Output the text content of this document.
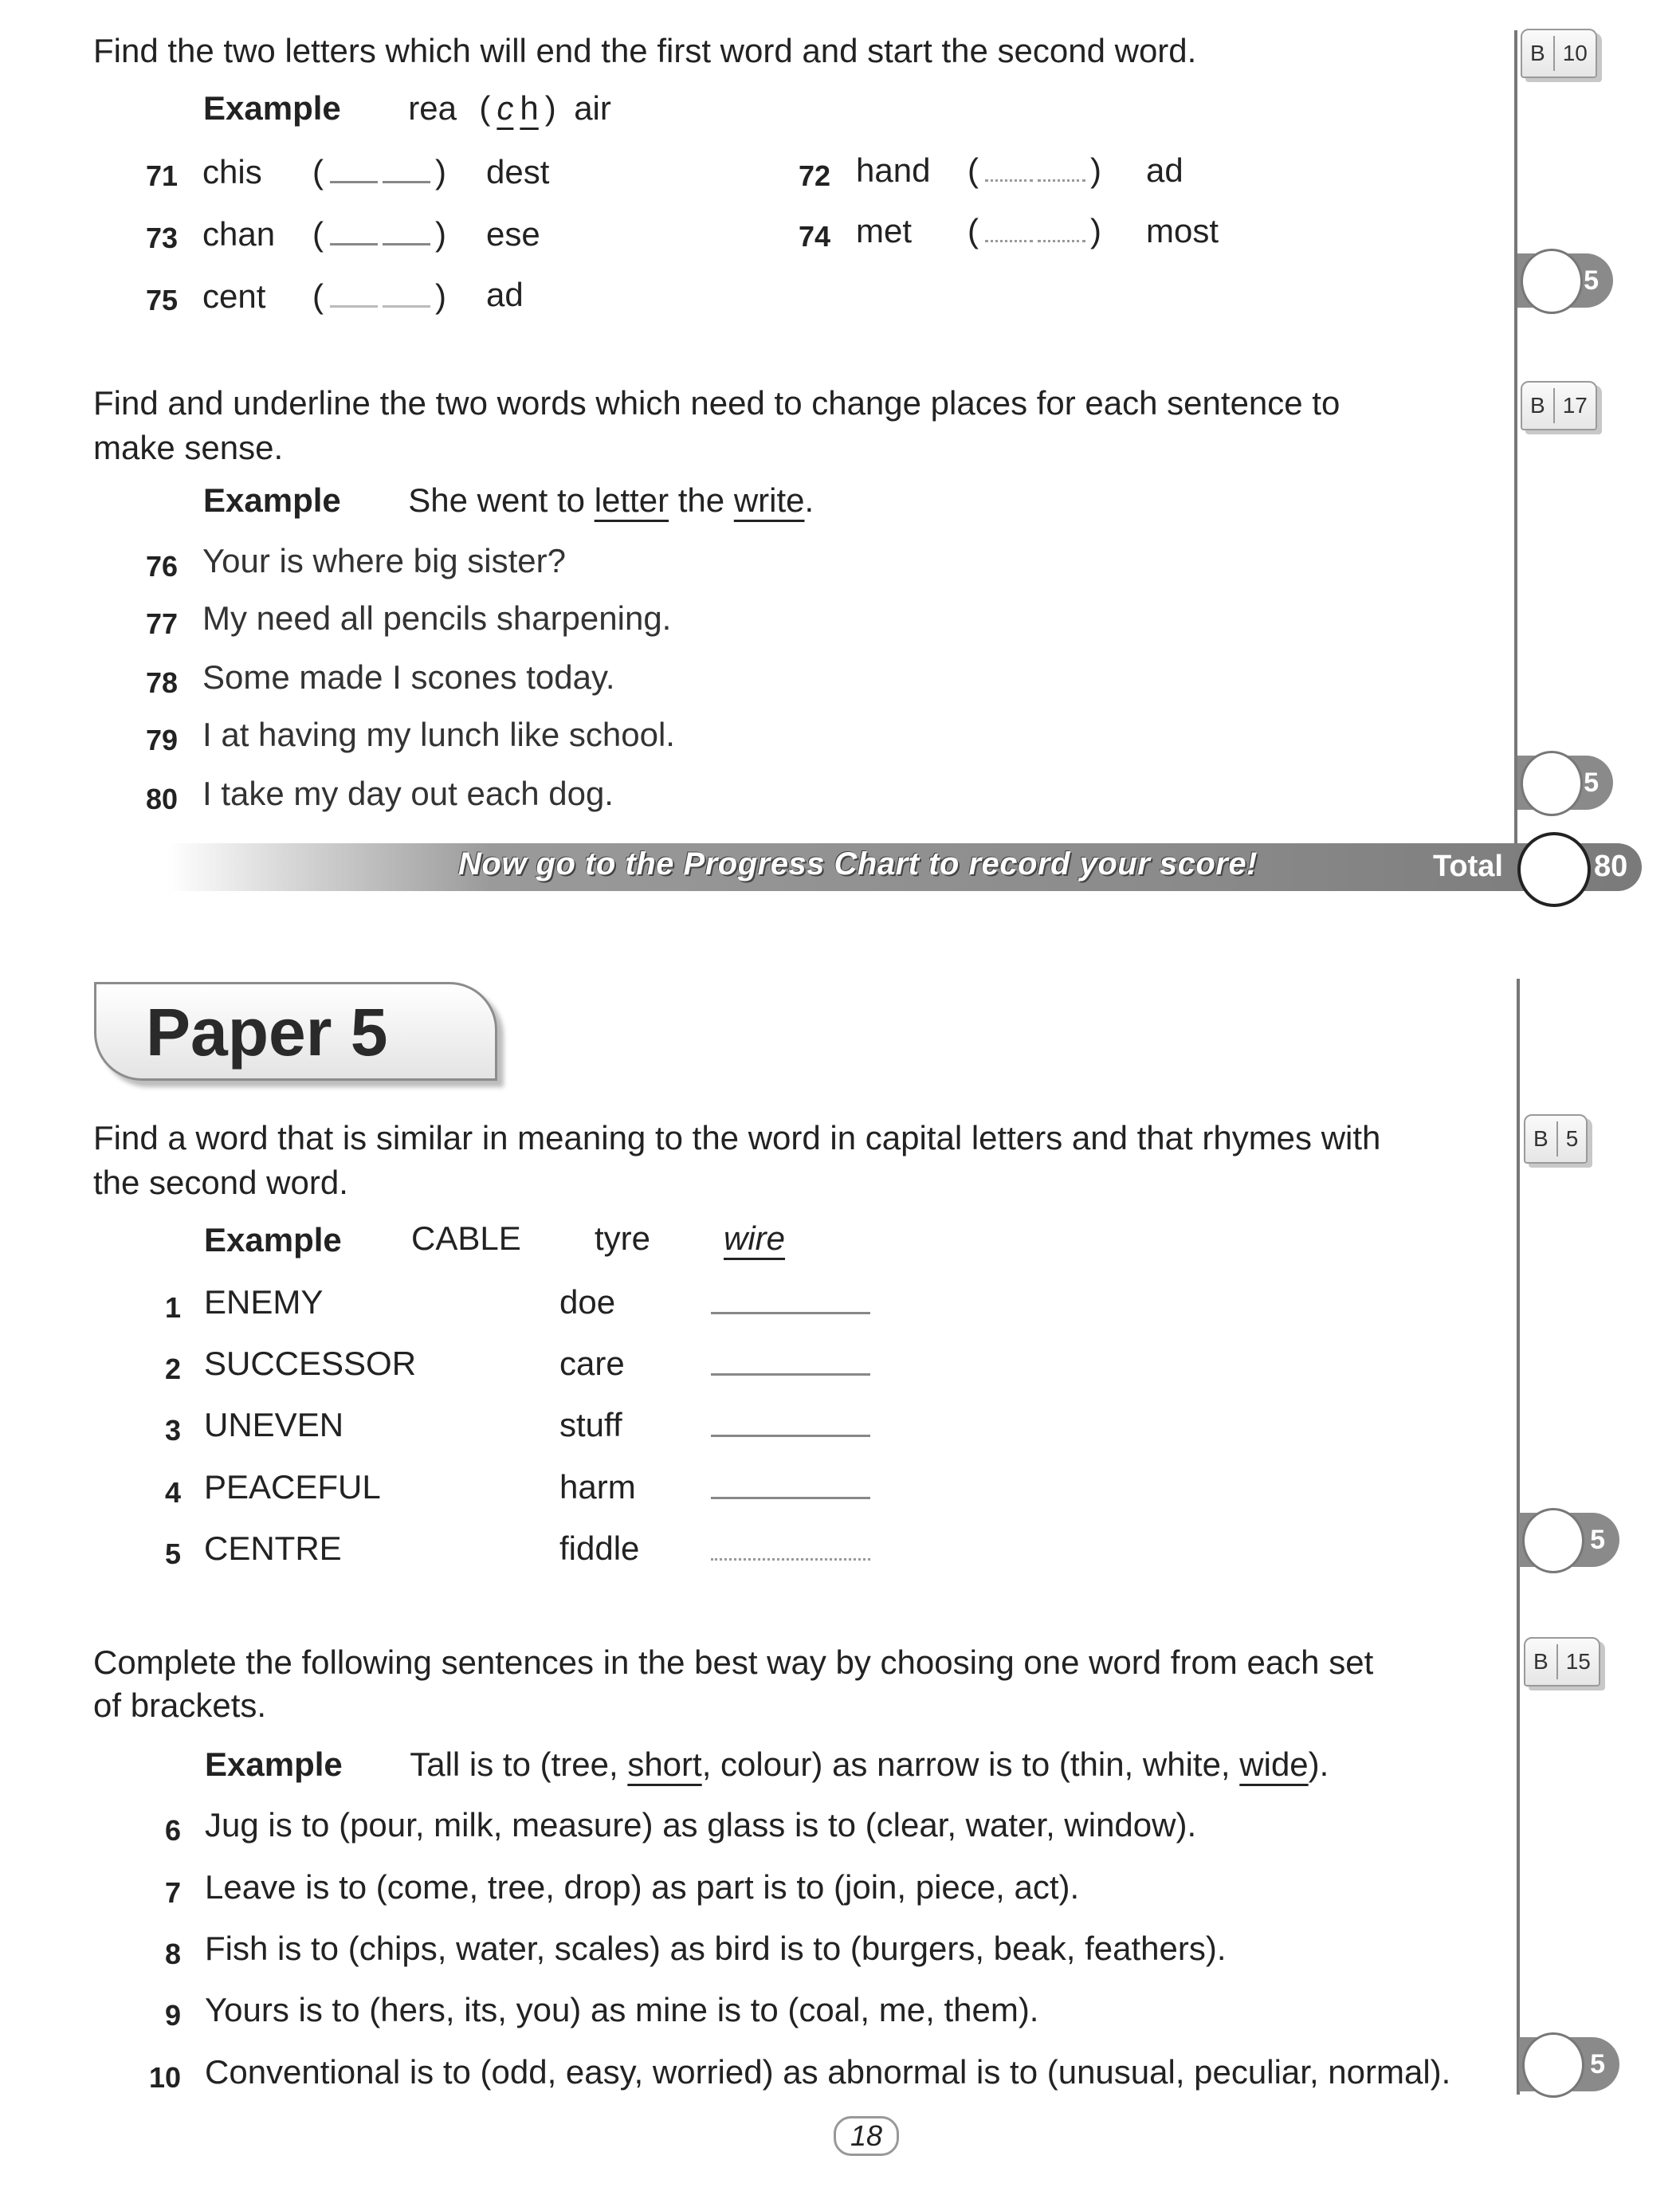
Find the two letters which will end the first word and start the second word.	B 10
Example rea ( c h ) air
71 chis (	) dest	72 hand (	) ad
73 chan (	) ese	74 met (	) most
75 cent (	) ad	5
Find and underline the two words which need to change places for each sentence to
make sense.
B 17
Example She went to letter the write.
76 Your is where big sister?
77 My need all pencils sharpening.
78 Some made I scones today.
79 I at having my lunch like school.
80 I take my day out each dog.	5
Now go to the Progress Chart to record your score!	Total	80
Paper 5
Find a word that is similar in meaning to the word in capital letters and that rhymes with
the second word.
B 5
Example CABLE tyre wire
1 ENEMY	doe
2 SUCCESSOR	care
3 UNEVEN	stuff
4 PEACEFUL	harm
5 CENTRE	fiddle	5
Complete the following sentences in the best way by choosing one word from each set
of brackets.
B 15
Example Tall is to (tree, short, colour) as narrow is to (thin, white, wide).
6 Jug is to (pour, milk, measure) as glass is to (clear, water, window).
7 Leave is to (come, tree, drop) as part is to (join, piece, act).
8 Fish is to (chips, water, scales) as bird is to (burgers, beak, feathers).
9 Yours is to (hers, its, you) as mine is to (coal, me, them).
10 Conventional is to (odd, easy, worried) as abnormal is to (unusual, peculiar, normal).	5
18
